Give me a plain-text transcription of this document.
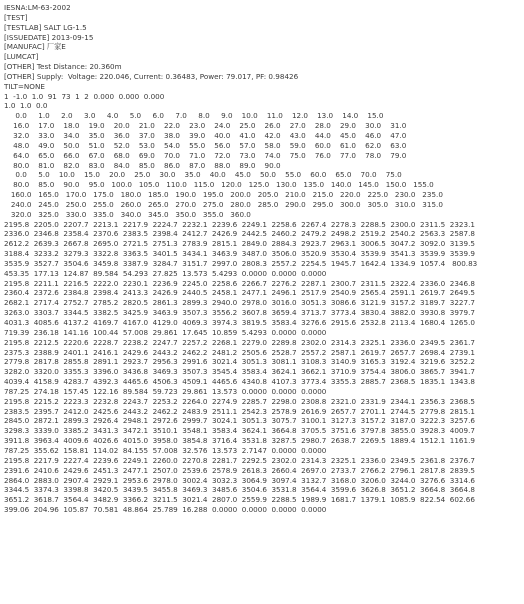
IESNA:LM-63-2002
[TEST]
[TESTLAB] SALT LG-1.5
[ISSUEDATE] 2013-09-15
[MANUFAC] 厂家E
[LUMCAT]
[OTHER] Test Distance: 20.360m
[OTHER] Supply:  Voltage: 220.046, Current: 0.36483, Power: 79.017, PF: 0.98426
TILT=NONE
1  -1.0  1.0  91  73  1  2  0.000  0.000  0.000
1.0  1.0  0.0
0.0     1.0     2.0     3.0     4.0     5.0     6.0     7.0     8.0     9.0    10.0    11.0    12.0    13.0    14.0    15.0
16.0    17.0    18.0    19.0    20.0    21.0    22.0    23.0    24.0    25.0    26.0    27.0    28.0    29.0    30.0    31.0
32.0    33.0    34.0    35.0    36.0    37.0    38.0    39.0    40.0    41.0    42.0    43.0    44.0    45.0    46.0    47.0
48.0    49.0    50.0    51.0    52.0    53.0    54.0    55.0    56.0    57.0    58.0    59.0    60.0    61.0    62.0    63.0
64.0    65.0    66.0    67.0    68.0    69.0    70.0    71.0    72.0    73.0    74.0    75.0    76.0    77.0    78.0    79.0
80.0    81.0    82.0    83.0    84.0    85.0    86.0    87.0    88.0    89.0    90.0
0.0     5.0    10.0    15.0    20.0    25.0    30.0    35.0    40.0    45.0    50.0    55.0    60.0    65.0    70.0    75.0
80.0    85.0    90.0    95.0   100.0   105.0   110.0   115.0   120.0   125.0   130.0   135.0   140.0   145.0   150.0   155.0
160.0   165.0   170.0   175.0   180.0   185.0   190.0   195.0   200.0   205.0   210.0   215.0   220.0   225.0   230.0   235.0
240.0   245.0   250.0   255.0   260.0   265.0   270.0   275.0   280.0   285.0   290.0   295.0   300.0   305.0   310.0   315.0
320.0   325.0   330.0   335.0   340.0   345.0   350.0   355.0   360.0
2195.8  2205.0  2207.7  2213.1  2217.9  2224.7  2232.1  2239.6  2249.1  2258.6  2267.4  2278.3  2288.5  2300.0  2311.5  2323.1
2336.0  2346.8  2358.4  2370.6  2383.5  2398.4  2412.7  2426.9  2442.5  2460.2  2479.2  2498.2  2519.2  2540.2  2563.3  2587.8
2612.2  2639.3  2667.8  2695.0  2721.5  2751.3  2783.9  2815.1  2849.0  2884.3  2923.7  2963.1  3006.5  3047.2  3092.0  3139.5
3188.4  3233.2  3279.3  3322.8  3363.5  3401.5  3434.1  3463.9  3487.0  3506.0  3520.9  3530.4  3539.9  3541.3  3539.9  3539.9
3535.9  3527.7  3504.6  3459.8  3387.9  3284.7  3151.7  2997.0  2808.3  2557.2  2254.5  1945.7  1642.4  1334.9  1057.4   800.83
453.35  177.13  124.87  89.584  54.293  27.825  13.573  5.4293  0.0000  0.0000  0.0000
2195.8  2211.1  2216.5  2222.0  2230.1  2236.9  2245.0  2258.6  2266.7  2276.2  2287.1  2300.7  2311.5  2322.4  2336.0  2346.8
2360.4  2372.6  2384.8  2398.4  2413.3  2426.9  2440.5  2458.1  2477.1  2496.1  2517.9  2540.9  2565.4  2591.1  2619.7  2649.5
2682.1  2717.4  2752.7  2785.2  2820.5  2861.3  2899.3  2940.0  2978.0  3016.0  3051.3  3086.6  3121.9  3157.2  3189.7  3227.7
3263.0  3303.7  3344.5  3382.5  3425.9  3463.9  3507.3  3556.2  3607.8  3659.4  3713.7  3773.4  3830.4  3882.0  3930.8  3979.7
4031.3  4085.6  4137.2  4169.7  4167.0  4129.0  4069.3  3974.3  3819.5  3583.4  3276.6  2915.6  2532.8  2113.4  1680.4  1265.0
719.39  236.18  141.16  100.44  57.008  29.861  17.645  10.859  5.4293  0.0000  0.0000
2195.8  2212.5  2220.6  2228.7  2238.2  2247.7  2257.2  2268.1  2279.0  2289.8  2302.0  2314.3  2325.1  2336.0  2349.5  2361.7
2375.3  2388.9  2401.1  2416.1  2429.6  2443.2  2462.2  2481.2  2505.6  2528.7  2557.2  2587.1  2619.7  2657.7  2698.4  2739.1
2779.8  2817.8  2855.8  2891.1  2923.7  2956.3  2991.6  3021.4  3051.3  3081.1  3108.3  3140.9  3165.3  3192.4  3219.6  3252.2
3282.0  3320.0  3355.3  3396.0  3436.8  3469.3  3507.3  3545.4  3583.4  3624.1  3662.1  3710.9  3754.4  3806.0  3865.7  3941.7
4039.4  4158.9  4283.7  4392.3  4465.6  4506.3  4509.1  4465.6  4340.8  4107.3  3773.4  3355.3  2885.7  2368.5  1835.1  1343.8
787.25  274.18  157.45  122.16  89.584  59.723  29.861  13.573  0.0000  0.0000  0.0000
2195.8  2215.2  2223.3  2232.8  2243.7  2253.2  2264.0  2274.9  2285.7  2298.0  2308.8  2321.0  2331.9  2344.1  2356.3  2368.5
2383.5  2395.7  2412.0  2425.6  2443.2  2462.2  2483.9  2511.1  2542.3  2578.9  2616.9  2657.7  2701.1  2744.5  2779.8  2815.1
2845.0  2872.1  2899.3  2926.4  2948.1  2972.6  2999.7  3024.1  3051.3  3075.7  3100.1  3127.3  3157.2  3187.0  3222.3  3257.6
3298.3  3339.0  3385.2  3431.3  3472.1  3510.1  3548.1  3583.4  3624.1  3664.8  3705.5  3751.6  3797.8  3855.0  3928.3  4009.7
3911.8  3963.4  4009.6  4026.6  4015.0  3958.0  3854.8  3716.4  3531.8  3287.5  2980.7  2638.7  2269.5  1889.4  1512.1  1161.9
787.25  355.62  158.81  114.02  84.155  57.008  32.576  13.573  2.7147  0.0000  0.0000
2195.8  2217.9  2227.4  2239.6  2249.1  2260.0  2270.8  2281.7  2292.5  2302.0  2314.3  2325.1  2336.0  2349.5  2361.8  2376.7
2391.6  2410.6  2429.6  2451.3  2477.1  2507.0  2539.6  2578.9  2618.3  2660.4  2697.0  2733.7  2766.2  2796.1  2817.8  2839.5
2864.0  2883.0  2907.4  2929.1  2953.6  2978.0  3002.4  3032.3  3064.9  3097.4  3132.7  3168.0  3206.0  3244.0  3276.6  3314.6
3344.5  3374.3  3398.8  3420.5  3439.5  3455.8  3469.3  3485.6  3504.6  3531.8  3564.4  3599.6  3626.8  3651.2  3664.8  3664.8
3651.2  3618.7  3564.4  3482.9  3366.2  3211.5  3021.4  2807.0  2559.9  2288.5  1989.9  1681.7  1379.1  1085.9  822.54  602.66
399.06  204.96  105.87  70.581  48.864  25.789  16.288  0.0000  0.0000  0.0000  0.0000
